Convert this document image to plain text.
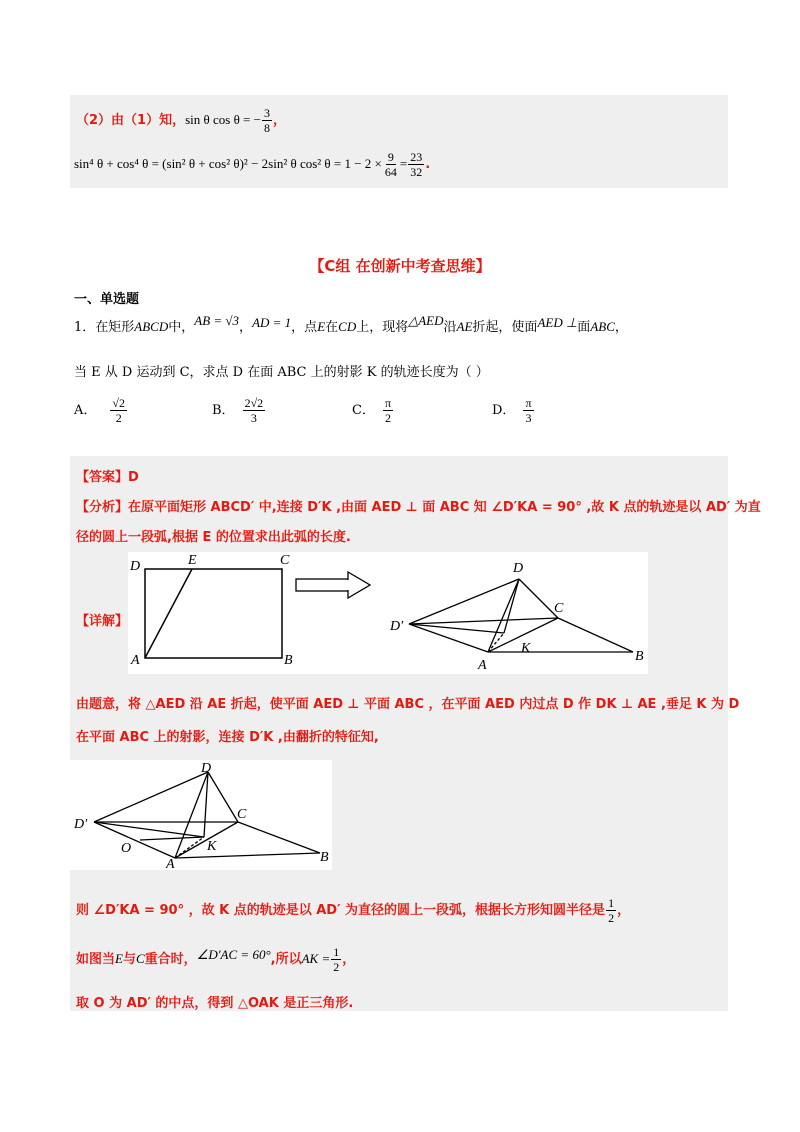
（2）由（1）知，sin θ cos θ = − $\frac{3}{8}$ ，
sin⁴ θ + cos⁴ θ = (sin² θ + cos² θ)² − 2sin² θ cos² $\theta = 1 - 2 \times \frac{9}{64} = \frac{23}{32}$ .
【C组 在创新中考查思维】
一、单选题
1．在矩形ABCD中，AB = √3，AD = 1，点E在CD上，现将△AED沿AE折起，使面AED ⊥面ABC，
当 E 从 D 运动到 C，求点 D 在面 ABC 上的射影 K 的轨迹长度为（ ）
A． $\frac{√2}{2}$	B． $\frac{2√2}{3}$	C． $\frac{\pi}{2}$	D． $\frac{\pi}{3}$
【答案】D
【分析】在原平面矩形 ABCD′ 中,连接 D′K ,由面 AED ⊥ 面 ABC 知 ∠D′KA = 90° ,故 K 点的轨迹是以 AD′ 为直
径的圆上一段弧,根据 E 的位置求出此弧的长度.
【详解】
D	E	C
A	B
D
D′
C
K
A
B
由题意，将 △AED 沿 AE 折起，使平面 AED ⊥ 平面 ABC ，在平面 AED 内过点 D 作 DK ⊥ AE ,垂足 K 为 D
在平面 ABC 上的射影，连接 D′K ,由翻折的特征知,
D
D′
C
K
O
A	B
则 ∠D′KA = 90° ，故 K 点的轨迹是以 AD′ 为直径的圆上一段弧，根据长方形知圆半径是 $\frac{1}{2}$ ，
如图当E与C重合时，∠D′AC = 60°,所以AK = $\frac{1}{2}$ ，
取 O 为 AD′ 的中点，得到 △OAK 是正三角形.
